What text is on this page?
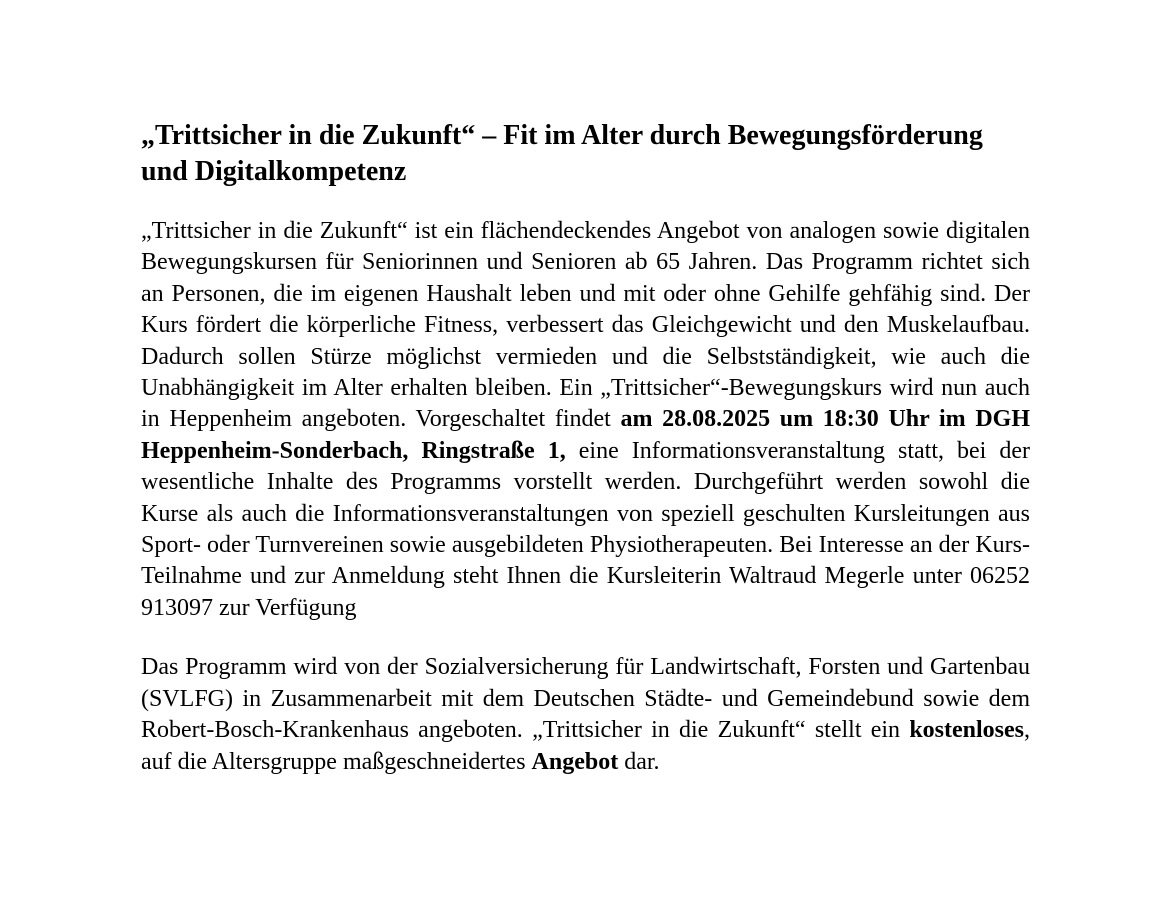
„Trittsicher in die Zukunft“ – Fit im Alter durch Bewegungsförderung und Digitalkompetenz

„Trittsicher in die Zukunft“ ist ein flächendeckendes Angebot von analogen sowie digitalen Bewegungskursen für Seniorinnen und Senioren ab 65 Jahren. Das Programm richtet sich an Personen, die im eigenen Haushalt leben und mit oder ohne Gehilfe gehfähig sind. Der Kurs fördert die körperliche Fitness, verbessert das Gleichgewicht und den Muskelaufbau. Dadurch sollen Stürze möglichst vermieden und die Selbstständigkeit, wie auch die Unabhängigkeit im Alter erhalten bleiben. Ein „Trittsicher“-Bewegungskurs wird nun auch in Heppenheim angeboten. Vorgeschaltet findet am 28.08.2025 um 18:30 Uhr im DGH Heppenheim-Sonderbach, Ringstraße 1, eine Informationsveranstaltung statt, bei der wesentliche Inhalte des Programms vorstellt werden. Durchgeführt werden sowohl die Kurse als auch die Informationsveranstaltungen von speziell geschulten Kursleitungen aus Sport- oder Turnvereinen sowie ausgebildeten Physiotherapeuten. Bei Interesse an der Kurs-Teilnahme und zur Anmeldung steht Ihnen die Kursleiterin Waltraud Megerle unter 06252 913097 zur Verfügung

Das Programm wird von der Sozialversicherung für Landwirtschaft, Forsten und Gartenbau (SVLFG) in Zusammenarbeit mit dem Deutschen Städte- und Gemeindebund sowie dem Robert-Bosch-Krankenhaus angeboten. „Trittsicher in die Zukunft“ stellt ein kostenloses, auf die Altersgruppe maßgeschneidertes Angebot dar.
